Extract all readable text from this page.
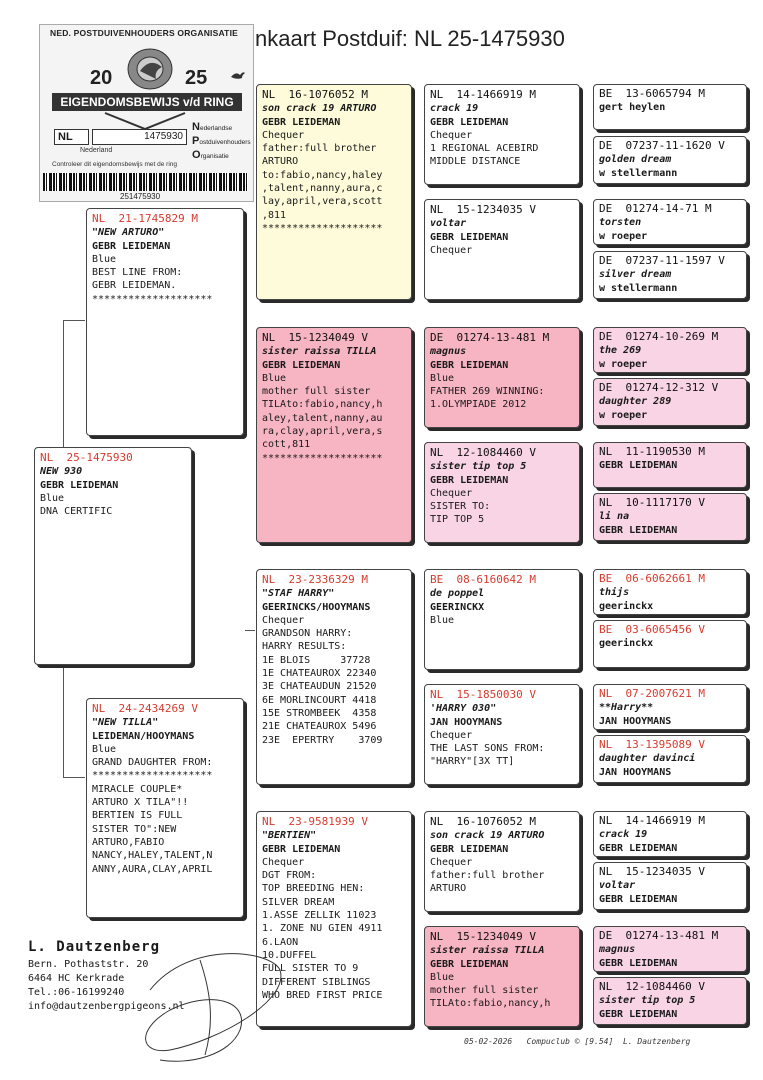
nkaart Postduif: NL 25-1475930
NED. POSTDUIVENHOUDERS ORGANISATIE
20	25
EIGENDOMSBEWIJS v/d RING
NL	1475930
Nederland
Nederlandse
Postduivenhouders
Organisatie
Controleer dit eigendomsbewijs met de ring
251475930
NL 25-1475930
NEW 930
GEBR LEIDEMAN
Blue
DNA CERTIFIC
NL 21-1745829 M
"NEW ARTURO"
GEBR LEIDEMAN
Blue
BEST LINE FROM:
GEBR LEIDEMAN.
********************
NL 24-2434269 V
"NEW TILLA"
LEIDEMAN/HOOYMANS
Blue
GRAND DAUGHTER FROM:
********************
MIRACLE COUPLE*
ARTURO X TILA"!!
BERTIEN IS FULL
SISTER TO":NEW
ARTURO,FABIO
NANCY,HALEY,TALENT,N
ANNY,AURA,CLAY,APRIL
NL 16-1076052 M
son crack 19 ARTURO
GEBR LEIDEMAN
Chequer
father:full brother
ARTURO
to:fabio,nancy,haley
,talent,nanny,aura,c
lay,april,vera,scott
,811
********************
NL 15-1234049 V
sister raissa TILLA
GEBR LEIDEMAN
Blue
mother full sister
TILAto:fabio,nancy,h
aley,talent,nanny,au
ra,clay,april,vera,s
cott,811
********************
NL 23-2336329 M
"STAF HARRY"
GEERINCKS/HOOYMANS
Chequer
GRANDSON HARRY:
HARRY RESULTS:
1E BLOIS     37728
1E CHATEAUROX 22340
3E CHATEAUDUN 21520
6E MORLINCOURT 4418
15E STROMBEEK  4358
21E CHATEAUROX 5496
23E  EPERTRY    3709
NL 23-9581939 V
"BERTIEN"
GEBR LEIDEMAN
Chequer
DGT FROM:
TOP BREEDING HEN:
SILVER DREAM
1.ASSE ZELLIK 11023
1. ZONE NU GIEN 4911
6.LAON
10.DUFFEL
FULL SISTER TO 9
DIFFERENT SIBLINGS
WHO BRED FIRST PRICE
NL 14-1466919 M
crack 19
GEBR LEIDEMAN
Chequer
1 REGIONAL ACEBIRD
MIDDLE DISTANCE
NL 15-1234035 V
voltar
GEBR LEIDEMAN
Chequer
DE 01274-13-481 M
magnus
GEBR LEIDEMAN
Blue
FATHER 269 WINNING:
1.OLYMPIADE 2012
NL 12-1084460 V
sister tip top 5
GEBR LEIDEMAN
Chequer
SISTER TO:
TIP TOP 5
BE 08-6160642 M
de poppel
GEERINCKX
Blue
NL 15-1850030 V
'HARRY 030"
JAN HOOYMANS
Chequer
THE LAST SONS FROM:
"HARRY"[3X TT]
NL 16-1076052 M
son crack 19 ARTURO
GEBR LEIDEMAN
Chequer
father:full brother
ARTURO
NL 15-1234049 V
sister raissa TILLA
GEBR LEIDEMAN
Blue
mother full sister
TILAto:fabio,nancy,h
BE 13-6065794 M
gert heylen
DE 07237-11-1620 V
golden dream
w stellermann
DE 01274-14-71 M
torsten
w roeper
DE 07237-11-1597 V
silver dream
w stellermann
DE 01274-10-269 M
the 269
w roeper
DE 01274-12-312 V
daughter 289
w roeper
NL 11-1190530 M
GEBR LEIDEMAN
NL 10-1117170 V
li na
GEBR LEIDEMAN
BE 06-6062661 M
thijs
geerinckx
BE 03-6065456 V
geerinckx
NL 07-2007621 M
**Harry**
JAN HOOYMANS
NL 13-1395089 V
daughter davinci
JAN HOOYMANS
NL 14-1466919 M
crack 19
GEBR LEIDEMAN
NL 15-1234035 V
voltar
GEBR LEIDEMAN
DE 01274-13-481 M
magnus
GEBR LEIDEMAN
NL 12-1084460 V
sister tip top 5
GEBR LEIDEMAN
L. Dautzenberg
Bern. Pothaststr. 20
6464 HC Kerkrade
Tel.:06-16199240
info@dautzenbergpigeons.nl
05-02-2026   Compuclub © [9.54]  L. Dautzenberg
